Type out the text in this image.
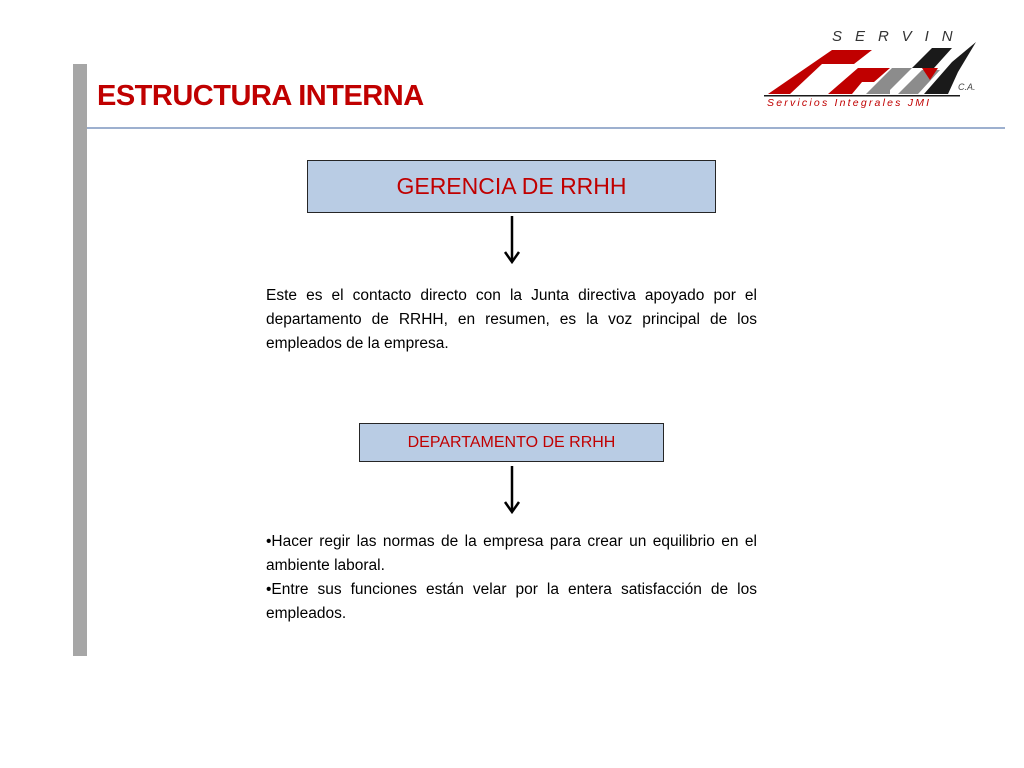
ESTRUCTURA INTERNA
SERVIN
C.A.
Servicios Integrales JMI
GERENCIA DE RRHH

Este es el contacto directo con la Junta directiva apoyado por el departamento de RRHH, en resumen, es la voz principal de los empleados de la empresa.

DEPARTAMENTO DE RRHH
•Hacer regir las normas de la empresa para crear un equilibrio en el ambiente laboral.
•Entre sus funciones están velar por la entera satisfacción de los empleados.
